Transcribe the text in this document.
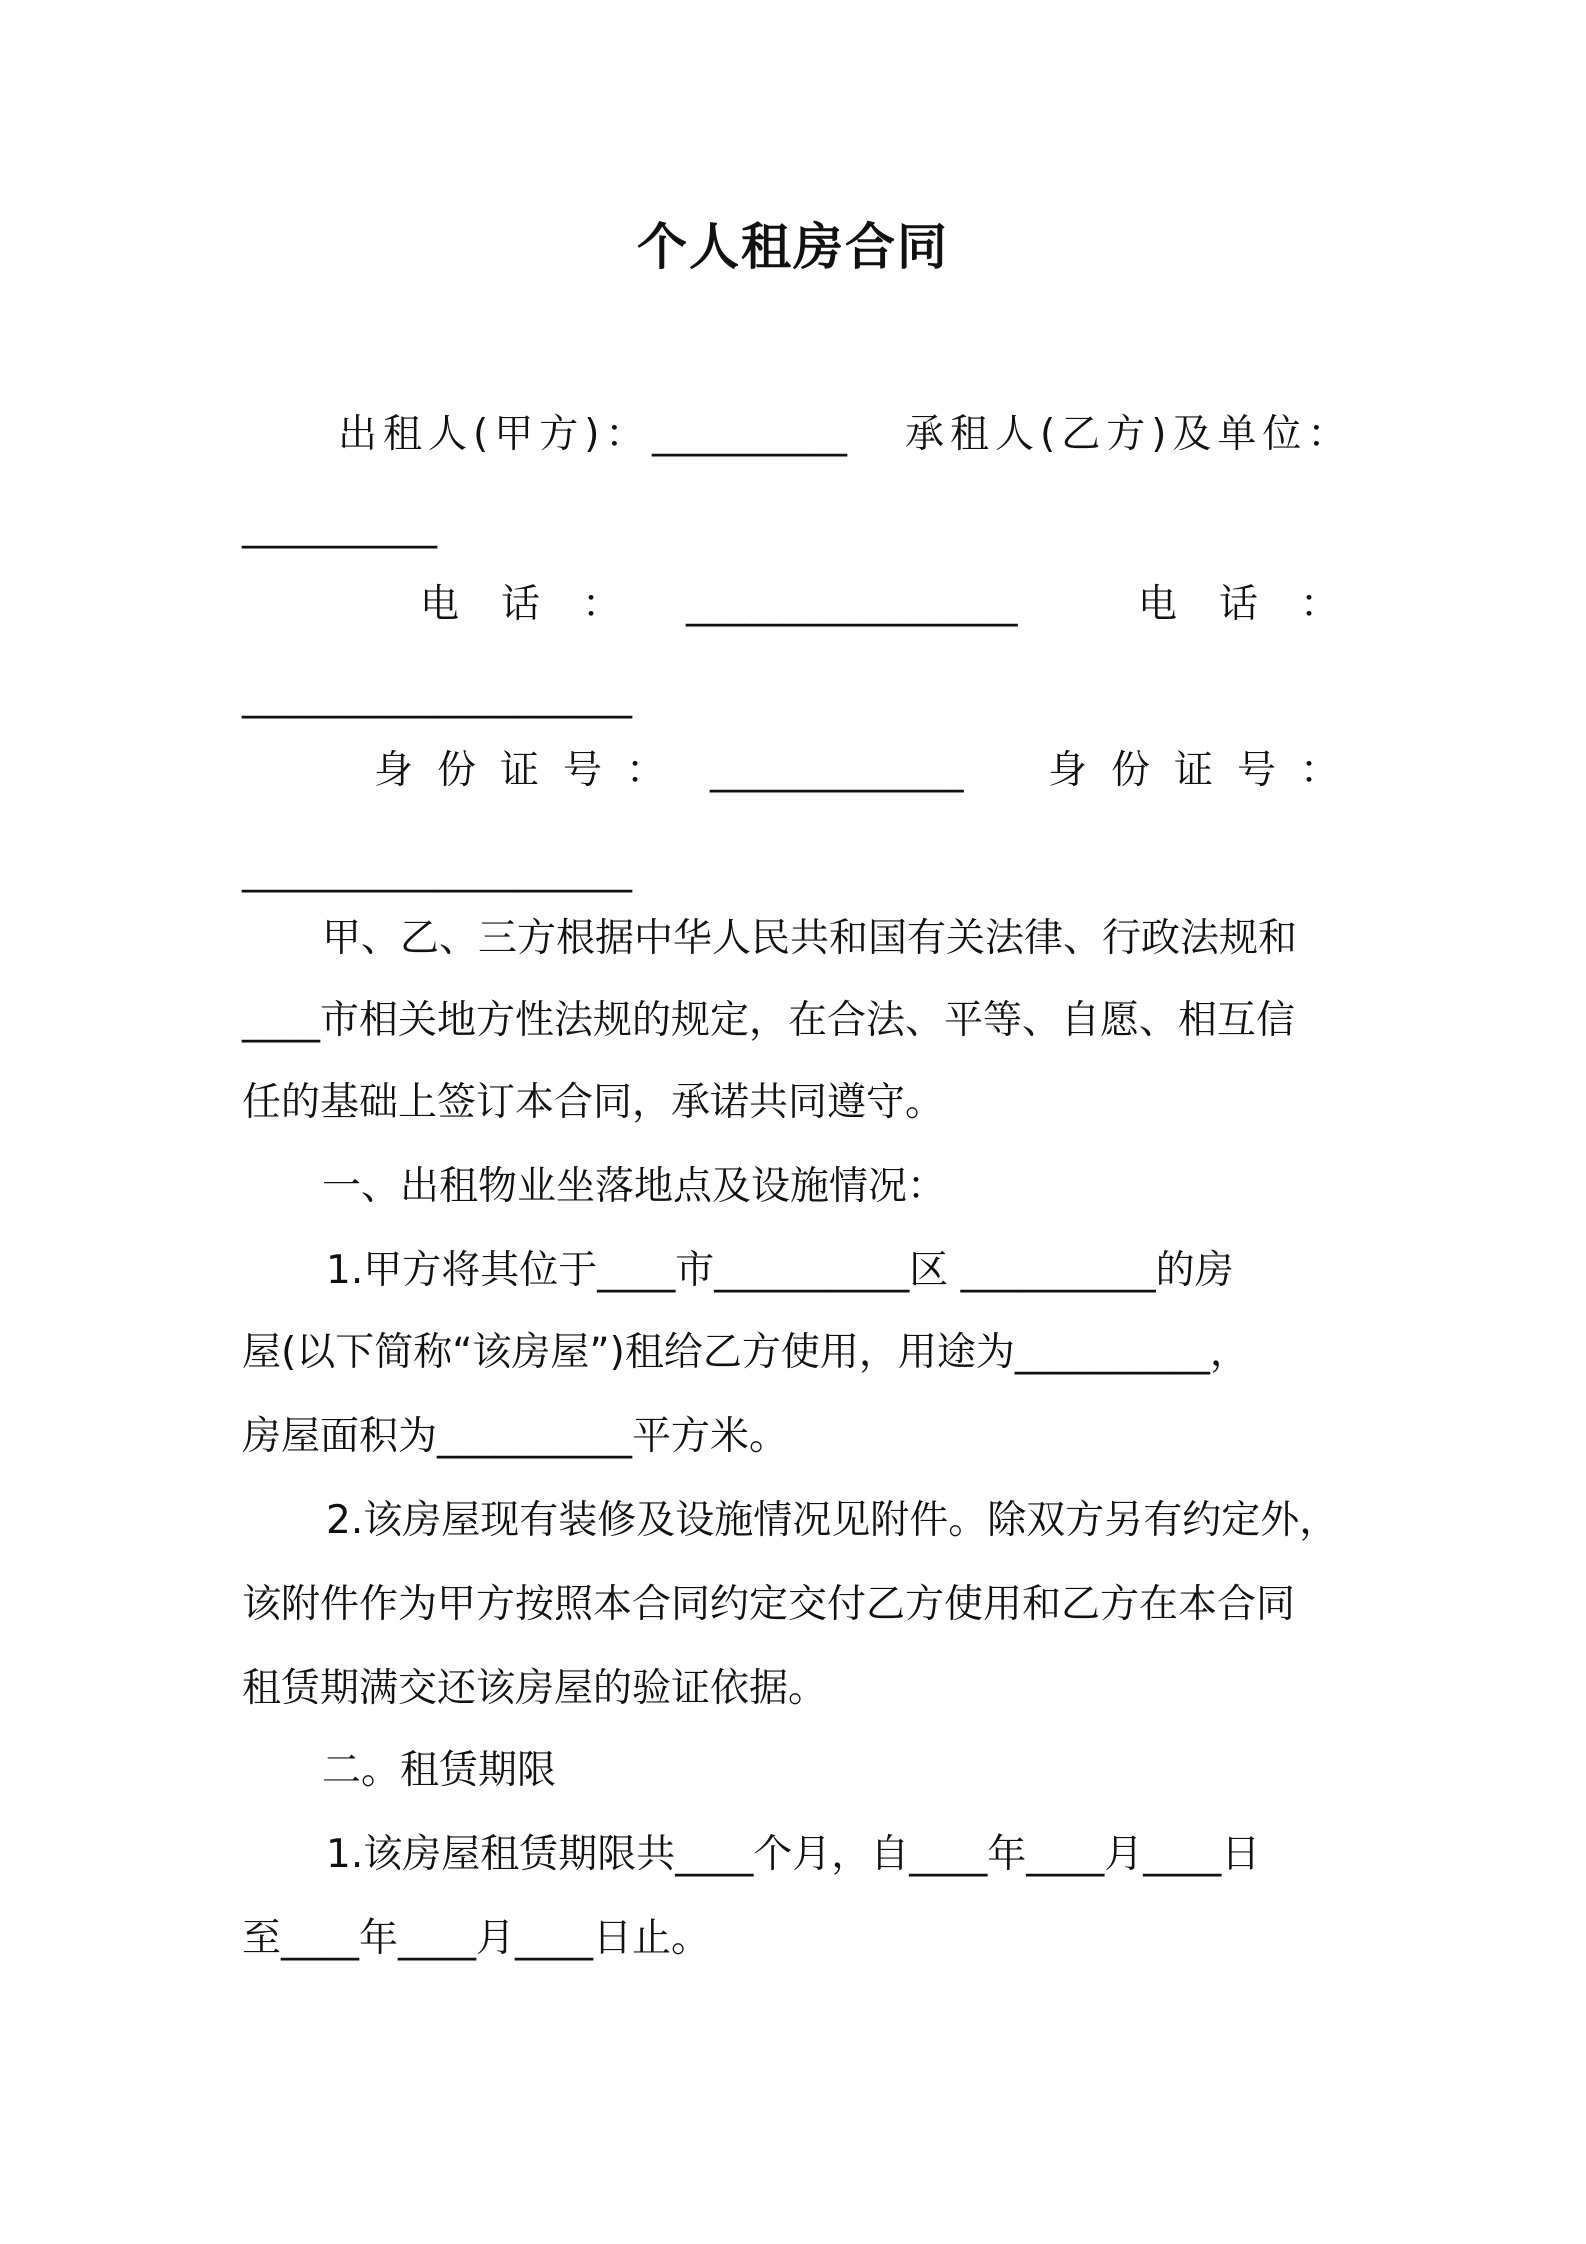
个人租房合同
出租人(甲方)： __________ 承租人(乙方)及单位：
__________
电话： _________________	电话：
____________________
身份证号： _____________ 身份证号：
____________________
甲、乙、三方根据中华人民共和国有关法律、行政法规和
____市相关地方性法规的规定，在合法、平等、自愿、相互信
任的基础上签订本合同，承诺共同遵守。
一、出租物业坐落地点及设施情况：
1.甲方将其位于____市__________区 __________的房
屋(以下简称“该房屋”)租给乙方使用，用途为__________，
房屋面积为__________平方米。
2.该房屋现有装修及设施情况见附件。除双方另有约定外，
该附件作为甲方按照本合同约定交付乙方使用和乙方在本合同
租赁期满交还该房屋的验证依据。
二。租赁期限
1.该房屋租赁期限共____个月，自____年____月____日
至____年____月____日止。
